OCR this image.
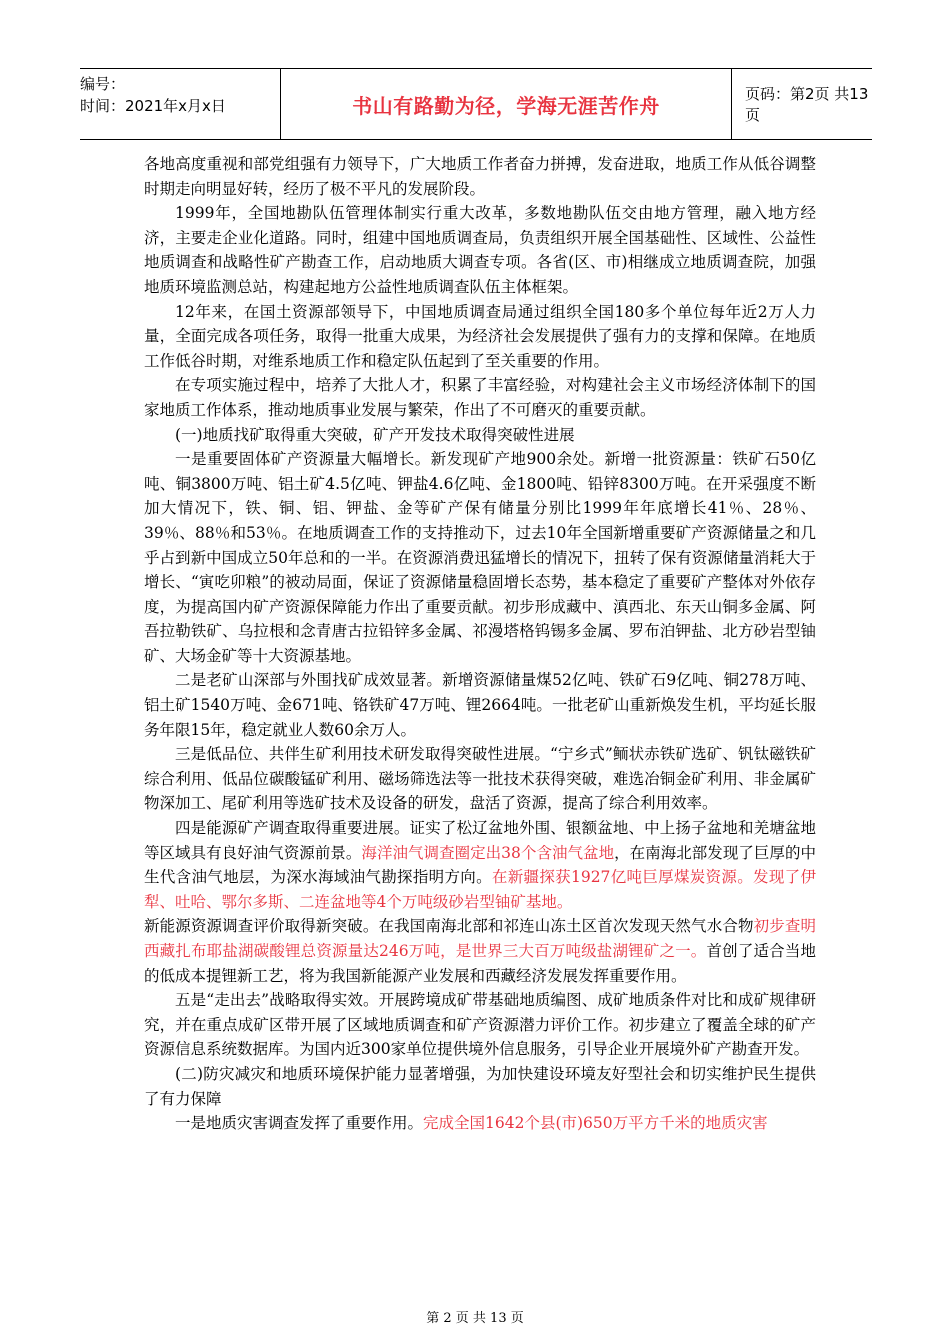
编号：
时间：2021年x月x日	书山有路勤为径，学海无涯苦作舟	页码：第2页 共13页

各地高度重视和部党组强有力领导下，广大地质工作者奋力拼搏，发奋进取，地质工作从低谷调整时期走向明显好转，经历了极不平凡的发展阶段。

1999年，全国地勘队伍管理体制实行重大改革，多数地勘队伍交由地方管理，融入地方经济，主要走企业化道路。同时，组建中国地质调查局，负责组织开展全国基础性、区域性、公益性地质调查和战略性矿产勘查工作，启动地质大调查专项。各省(区、市)相继成立地质调查院，加强地质环境监测总站，构建起地方公益性地质调查队伍主体框架。

12年来，在国土资源部领导下，中国地质调查局通过组织全国180多个单位每年近2万人力量，全面完成各项任务，取得一批重大成果，为经济社会发展提供了强有力的支撑和保障。在地质工作低谷时期，对维系地质工作和稳定队伍起到了至关重要的作用。

在专项实施过程中，培养了大批人才，积累了丰富经验，对构建社会主义市场经济体制下的国家地质工作体系，推动地质事业发展与繁荣，作出了不可磨灭的重要贡献。

(一)地质找矿取得重大突破，矿产开发技术取得突破性进展

一是重要固体矿产资源量大幅增长。新发现矿产地900余处。新增一批资源量：铁矿石50亿吨、铜3800万吨、铝土矿4.5亿吨、钾盐4.6亿吨、金1800吨、铅锌8300万吨。在开采强度不断加大情况下，铁、铜、铝、钾盐、金等矿产保有储量分别比1999年年底增长41％、28％、39％、88％和53％。在地质调查工作的支持推动下，过去10年全国新增重要矿产资源储量之和几乎占到新中国成立50年总和的一半。在资源消费迅猛增长的情况下，扭转了保有资源储量消耗大于增长、“寅吃卯粮”的被动局面，保证了资源储量稳固增长态势，基本稳定了重要矿产整体对外依存度，为提高国内矿产资源保障能力作出了重要贡献。初步形成藏中、滇西北、东天山铜多金属、阿吾拉勒铁矿、乌拉根和念青唐古拉铅锌多金属、祁漫塔格钨锡多金属、罗布泊钾盐、北方砂岩型铀矿、大场金矿等十大资源基地。

二是老矿山深部与外围找矿成效显著。新增资源储量煤52亿吨、铁矿石9亿吨、铜278万吨、铝土矿1540万吨、金671吨、铬铁矿47万吨、锂2664吨。一批老矿山重新焕发生机，平均延长服务年限15年，稳定就业人数60余万人。

三是低品位、共伴生矿利用技术研发取得突破性进展。“宁乡式”鲕状赤铁矿选矿、钒钛磁铁矿综合利用、低品位碳酸锰矿利用、磁场筛选法等一批技术获得突破，难选冶铜金矿利用、非金属矿物深加工、尾矿利用等选矿技术及设备的研发，盘活了资源，提高了综合利用效率。

四是能源矿产调查取得重要进展。证实了松辽盆地外围、银额盆地、中上扬子盆地和羌塘盆地等区域具有良好油气资源前景。海洋油气调查圈定出38个含油气盆地，在南海北部发现了巨厚的中生代含油气地层，为深水海域油气勘探指明方向。在新疆探获1927亿吨巨厚煤炭资源。发现了伊犁、吐哈、鄂尔多斯、二连盆地等4个万吨级砂岩型铀矿基地。

新能源资源调查评价取得新突破。在我国南海北部和祁连山冻土区首次发现天然气水合物初步查明西藏扎布耶盐湖碳酸锂总资源量达246万吨，是世界三大百万吨级盐湖锂矿之一。首创了适合当地的低成本提锂新工艺，将为我国新能源产业发展和西藏经济发展发挥重要作用。

五是“走出去”战略取得实效。开展跨境成矿带基础地质编图、成矿地质条件对比和成矿规律研究，并在重点成矿区带开展了区域地质调查和矿产资源潜力评价工作。初步建立了覆盖全球的矿产资源信息系统数据库。为国内近300家单位提供境外信息服务，引导企业开展境外矿产勘查开发。

(二)防灾减灾和地质环境保护能力显著增强，为加快建设环境友好型社会和切实维护民生提供了有力保障

一是地质灾害调查发挥了重要作用。完成全国1642个县(市)650万平方千米的地质灾害

第 2 页 共 13 页
